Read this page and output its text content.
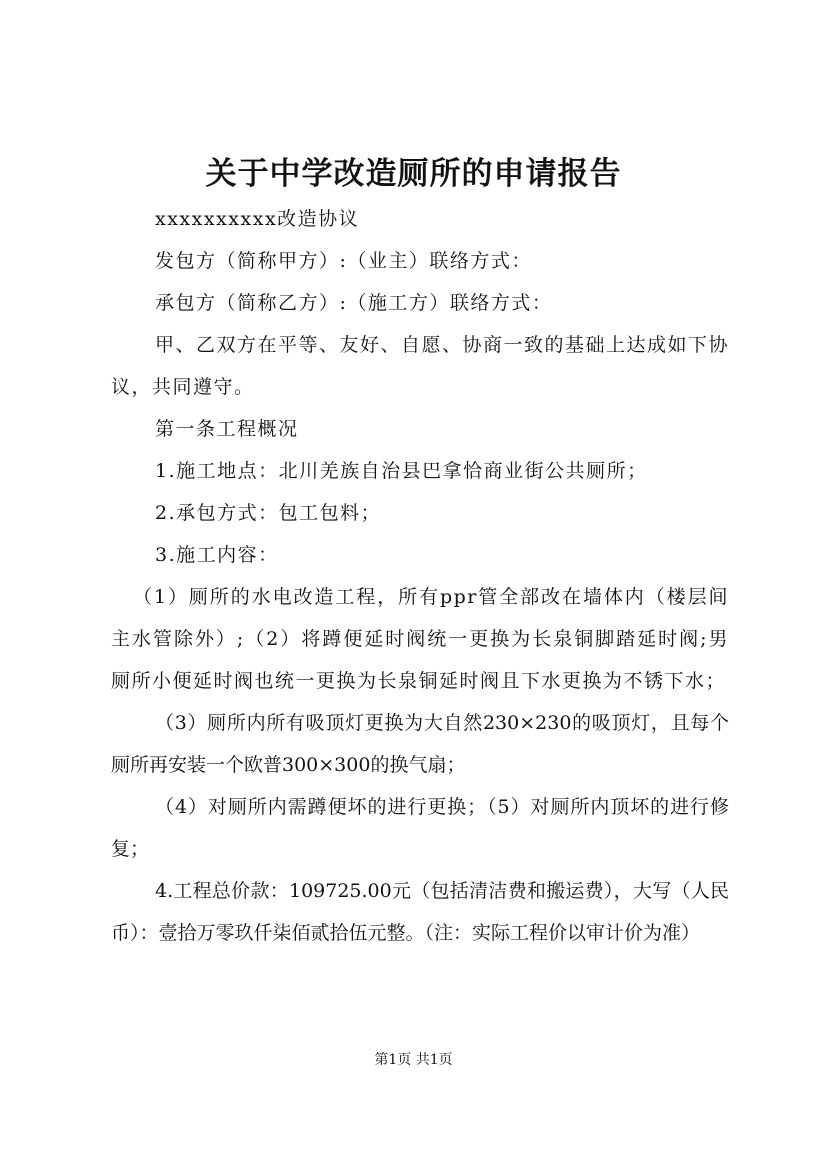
关于中学改造厕所的申请报告

xxxxxxxxxx改造协议

发包方（简称甲方）:（业主）联络方式：

承包方（简称乙方）:（施工方）联络方式：

甲、乙双方在平等、友好、自愿、协商一致的基础上达成如下协议，共同遵守。

第一条工程概况

1.施工地点：北川羌族自治县巴拿恰商业街公共厕所；

2.承包方式：包工包料；

3.施工内容：

（1）厕所的水电改造工程，所有ppr管全部改在墙体内（楼层间主水管除外）;（2）将蹲便延时阀统一更换为长泉铜脚踏延时阀;男厕所小便延时阀也统一更换为长泉铜延时阀且下水更换为不锈下水；

（3）厕所内所有吸顶灯更换为大自然230×230的吸顶灯，且每个厕所再安装一个欧普300×300的换气扇；

（4）对厕所内需蹲便坏的进行更换；（5）对厕所内顶坏的进行修复；

4.工程总价款：109725.00元（包括清洁费和搬运费），大写（人民币）：壹拾万零玖仟柒佰贰拾伍元整。（注：实际工程价以审计价为准）

第1页 共1页
